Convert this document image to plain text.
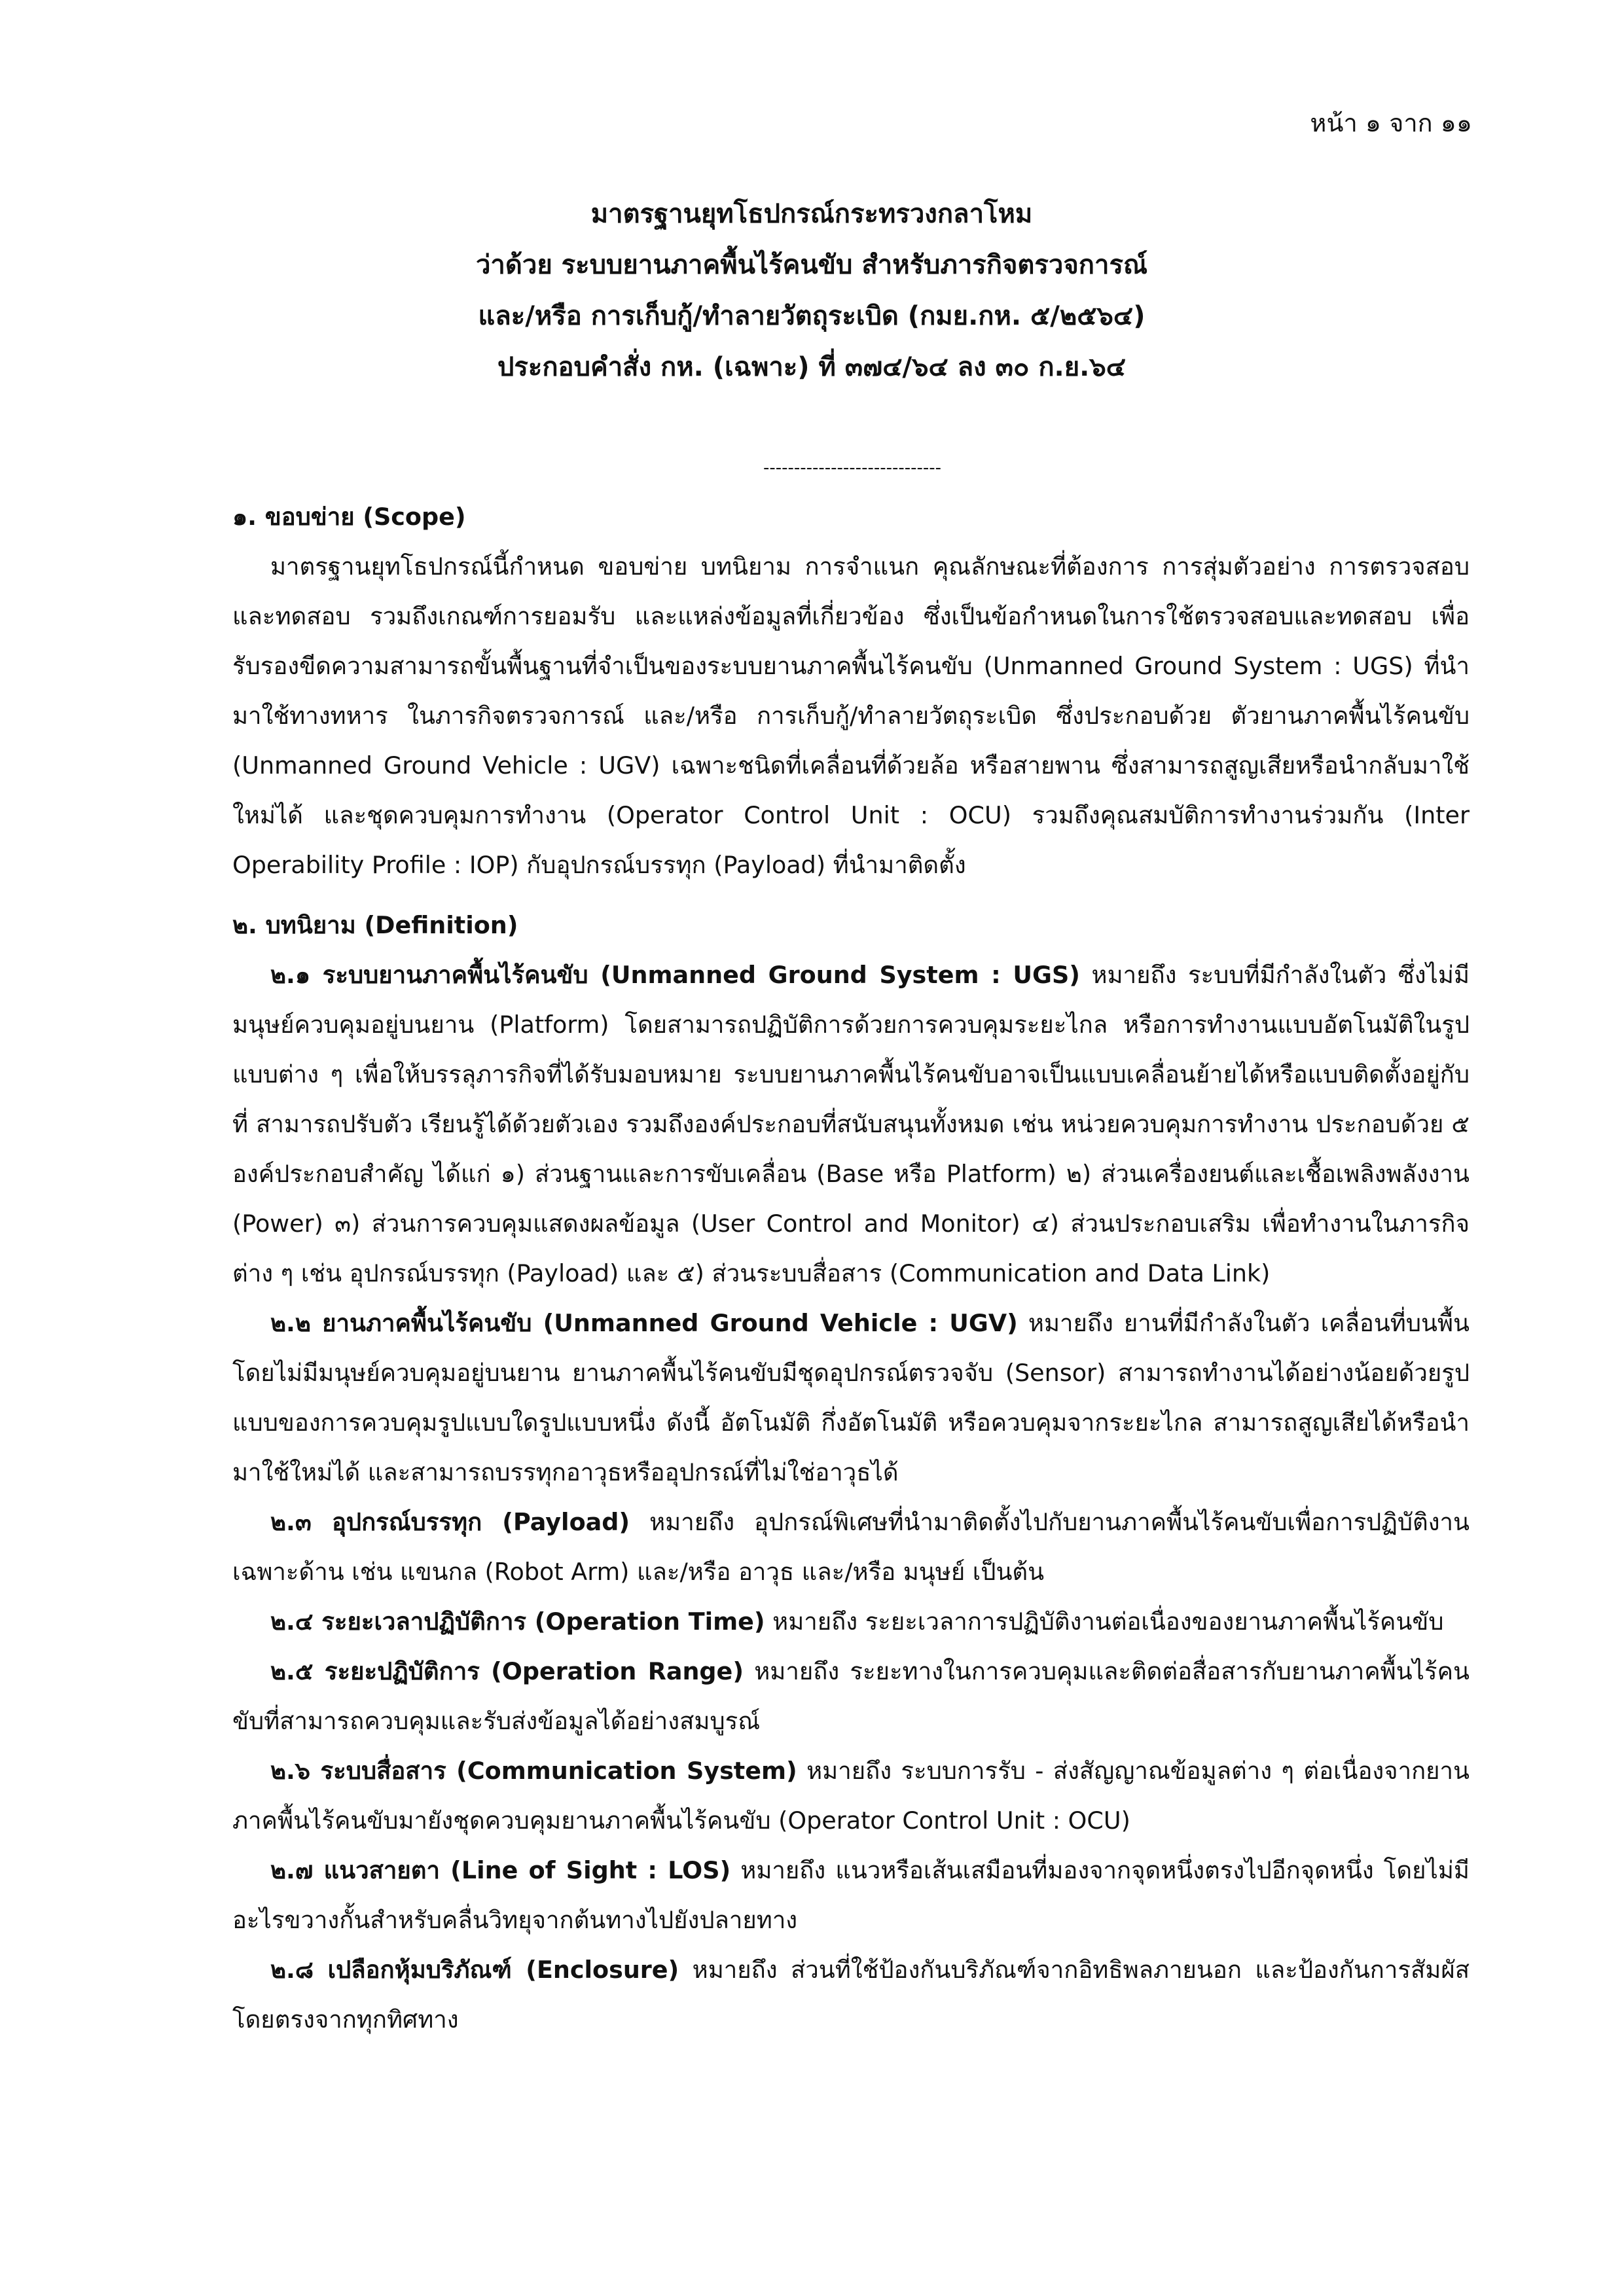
หน้า ๑ จาก ๑๑
มาตรฐานยุทโธปกรณ์กระทรวงกลาโหม
ว่าด้วย ระบบยานภาคพื้นไร้คนขับ สำหรับภารกิจตรวจการณ์
และ/หรือ การเก็บกู้/ทำลายวัตถุระเบิด (กมย.กห. ๕/๒๕๖๔)
ประกอบคำสั่ง กห. (เฉพาะ) ที่ ๓๗๔/๖๔ ลง ๓๐ ก.ย.๖๔
-----------------------------

๑. ขอบข่าย (Scope)

มาตรฐานยุทโธปกรณ์นี้กำหนด ขอบข่าย บทนิยาม การจำแนก คุณลักษณะที่ต้องการ การสุ่มตัวอย่าง การตรวจสอบและทดสอบ รวมถึงเกณฑ์การยอมรับ และแหล่งข้อมูลที่เกี่ยวข้อง ซึ่งเป็นข้อกำหนดในการใช้ตรวจสอบและทดสอบ เพื่อรับรองขีดความสามารถขั้นพื้นฐานที่จำเป็นของระบบยานภาคพื้นไร้คนขับ (Unmanned Ground System : UGS) ที่นำมาใช้ทางทหาร ในภารกิจตรวจการณ์ และ/หรือ การเก็บกู้/ทำลายวัตถุระเบิด ซึ่งประกอบด้วย ตัวยานภาคพื้นไร้คนขับ (Unmanned Ground Vehicle : UGV) เฉพาะชนิดที่เคลื่อนที่ด้วยล้อ หรือสายพาน ซึ่งสามารถสูญเสียหรือนำกลับมาใช้ใหม่ได้ และชุดควบคุมการทำงาน (Operator Control Unit : OCU) รวมถึงคุณสมบัติการทำงานร่วมกัน (Inter Operability Profile : IOP) กับอุปกรณ์บรรทุก (Payload) ที่นำมาติดตั้ง

๒. บทนิยาม (Definition)

๒.๑ ระบบยานภาคพื้นไร้คนขับ (Unmanned Ground System : UGS) หมายถึง ระบบที่มีกำลังในตัว ซึ่งไม่มีมนุษย์ควบคุมอยู่บนยาน (Platform) โดยสามารถปฏิบัติการด้วยการควบคุมระยะไกล หรือการทำงานแบบอัตโนมัติในรูปแบบต่าง ๆ เพื่อให้บรรลุภารกิจที่ได้รับมอบหมาย ระบบยานภาคพื้นไร้คนขับอาจเป็นแบบเคลื่อนย้ายได้หรือแบบติดตั้งอยู่กับที่ สามารถปรับตัว เรียนรู้ได้ด้วยตัวเอง รวมถึงองค์ประกอบที่สนับสนุนทั้งหมด เช่น หน่วยควบคุมการทำงาน ประกอบด้วย ๕ องค์ประกอบสำคัญ ได้แก่ ๑) ส่วนฐานและการขับเคลื่อน (Base หรือ Platform) ๒) ส่วนเครื่องยนต์และเชื้อเพลิงพลังงาน (Power) ๓) ส่วนการควบคุมแสดงผลข้อมูล (User Control and Monitor) ๔) ส่วนประกอบเสริม เพื่อทำงานในภารกิจต่าง ๆ เช่น อุปกรณ์บรรทุก (Payload) และ ๕) ส่วนระบบสื่อสาร (Communication and Data Link)

๒.๒ ยานภาคพื้นไร้คนขับ (Unmanned Ground Vehicle : UGV) หมายถึง ยานที่มีกำลังในตัว เคลื่อนที่บนพื้น โดยไม่มีมนุษย์ควบคุมอยู่บนยาน ยานภาคพื้นไร้คนขับมีชุดอุปกรณ์ตรวจจับ (Sensor) สามารถทำงานได้อย่างน้อยด้วยรูปแบบของการควบคุมรูปแบบใดรูปแบบหนึ่ง ดังนี้ อัตโนมัติ กึ่งอัตโนมัติ หรือควบคุมจากระยะไกล สามารถสูญเสียได้หรือนำมาใช้ใหม่ได้ และสามารถบรรทุกอาวุธหรืออุปกรณ์ที่ไม่ใช่อาวุธได้

๒.๓ อุปกรณ์บรรทุก (Payload) หมายถึง อุปกรณ์พิเศษที่นำมาติดตั้งไปกับยานภาคพื้นไร้คนขับเพื่อการปฏิบัติงานเฉพาะด้าน เช่น แขนกล (Robot Arm) และ/หรือ อาวุธ และ/หรือ มนุษย์ เป็นต้น

๒.๔ ระยะเวลาปฏิบัติการ (Operation Time) หมายถึง ระยะเวลาการปฏิบัติงานต่อเนื่องของยานภาคพื้นไร้คนขับ

๒.๕ ระยะปฏิบัติการ (Operation Range) หมายถึง ระยะทางในการควบคุมและติดต่อสื่อสารกับยานภาคพื้นไร้คนขับที่สามารถควบคุมและรับส่งข้อมูลได้อย่างสมบูรณ์

๒.๖ ระบบสื่อสาร (Communication System) หมายถึง ระบบการรับ - ส่งสัญญาณข้อมูลต่าง ๆ ต่อเนื่องจากยานภาคพื้นไร้คนขับมายังชุดควบคุมยานภาคพื้นไร้คนขับ (Operator Control Unit : OCU)

๒.๗ แนวสายตา (Line of Sight : LOS) หมายถึง แนวหรือเส้นเสมือนที่มองจากจุดหนึ่งตรงไปอีกจุดหนึ่ง โดยไม่มีอะไรขวางกั้นสำหรับคลื่นวิทยุจากต้นทางไปยังปลายทาง

๒.๘ เปลือกหุ้มบริภัณฑ์ (Enclosure) หมายถึง ส่วนที่ใช้ป้องกันบริภัณฑ์จากอิทธิพลภายนอก และป้องกันการสัมผัสโดยตรงจากทุกทิศทาง
